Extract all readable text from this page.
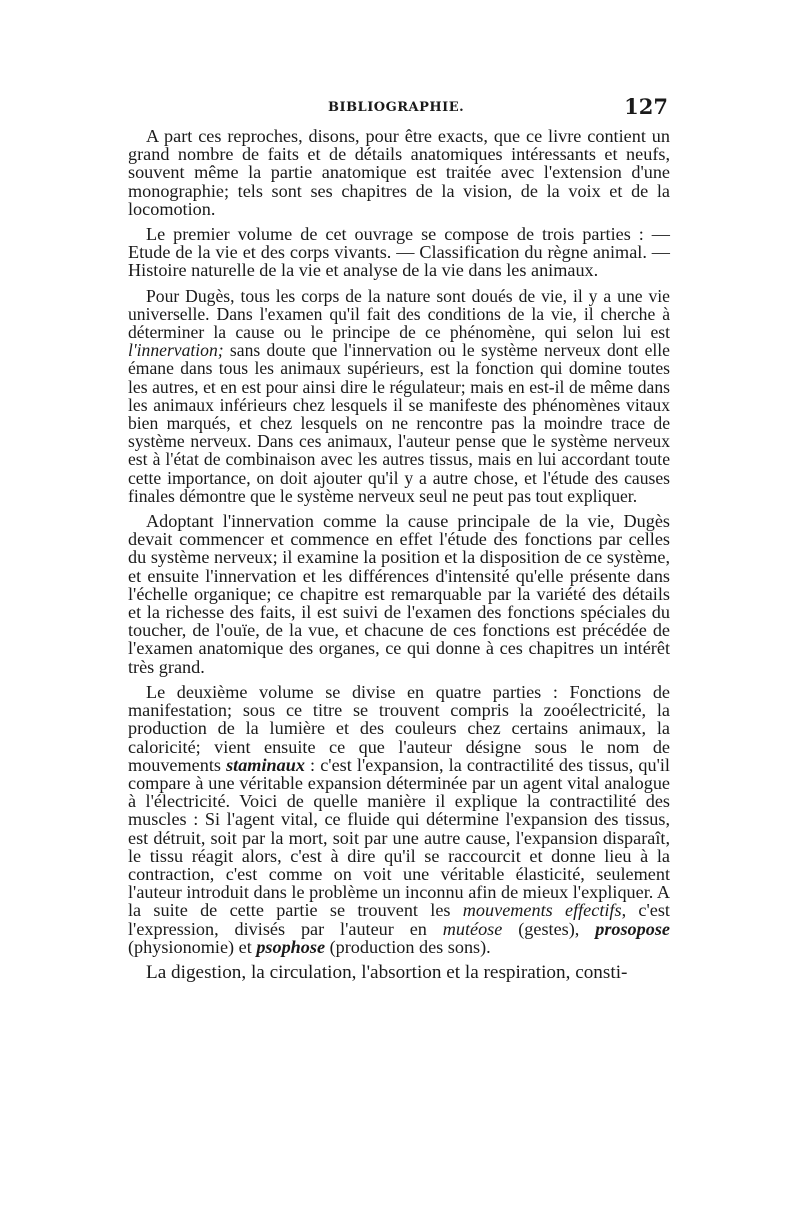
BIBLIOGRAPHIE.	127

A part ces reproches, disons, pour être exacts, que ce livre contient un grand nombre de faits et de détails anatomiques intéressants et neufs, souvent même la partie anatomique est traitée avec l'extension d'une monographie; tels sont ses chapitres de la vision, de la voix et de la locomotion.

Le premier volume de cet ouvrage se compose de trois parties : — Etude de la vie et des corps vivants. — Classification du règne animal. — Histoire naturelle de la vie et analyse de la vie dans les animaux.

Pour Dugès, tous les corps de la nature sont doués de vie, il y a une vie universelle. Dans l'examen qu'il fait des conditions de la vie, il cherche à déterminer la cause ou le principe de ce phénomène, qui selon lui est l'innervation; sans doute que l'innervation ou le système nerveux dont elle émane dans tous les animaux supérieurs, est la fonction qui domine toutes les autres, et en est pour ainsi dire le régulateur; mais en est-il de même dans les animaux inférieurs chez lesquels il se manifeste des phénomènes vitaux bien marqués, et chez lesquels on ne rencontre pas la moindre trace de système nerveux. Dans ces animaux, l'auteur pense que le système nerveux est à l'état de combinaison avec les autres tissus, mais en lui accordant toute cette importance, on doit ajouter qu'il y a autre chose, et l'étude des causes finales démontre que le système nerveux seul ne peut pas tout expliquer.

Adoptant l'innervation comme la cause principale de la vie, Dugès devait commencer et commence en effet l'étude des fonctions par celles du système nerveux; il examine la position et la disposition de ce système, et ensuite l'innervation et les différences d'intensité qu'elle présente dans l'échelle organique; ce chapitre est remarquable par la variété des détails et la richesse des faits, il est suivi de l'examen des fonctions spéciales du toucher, de l'ouïe, de la vue, et chacune de ces fonctions est précédée de l'examen anatomique des organes, ce qui donne à ces chapitres un intérêt très grand.

Le deuxième volume se divise en quatre parties : Fonctions de manifestation; sous ce titre se trouvent compris la zooélectricité, la production de la lumière et des couleurs chez certains animaux, la caloricité; vient ensuite ce que l'auteur désigne sous le nom de mouvements staminaux : c'est l'expansion, la contractilité des tissus, qu'il compare à une véritable expansion déterminée par un agent vital analogue à l'électricité. Voici de quelle manière il explique la contractilité des muscles : Si l'agent vital, ce fluide qui détermine l'expansion des tissus, est détruit, soit par la mort, soit par une autre cause, l'expansion disparaît, le tissu réagit alors, c'est à dire qu'il se raccourcit et donne lieu à la contraction, c'est comme on voit une véritable élasticité, seulement l'auteur introduit dans le problème un inconnu afin de mieux l'expliquer. A la suite de cette partie se trouvent les mouvements effectifs, c'est l'expression, divisés par l'auteur en mutéose (gestes), prosopose (physionomie) et psophose (production des sons).

La digestion, la circulation, l'absortion et la respiration, consti-
